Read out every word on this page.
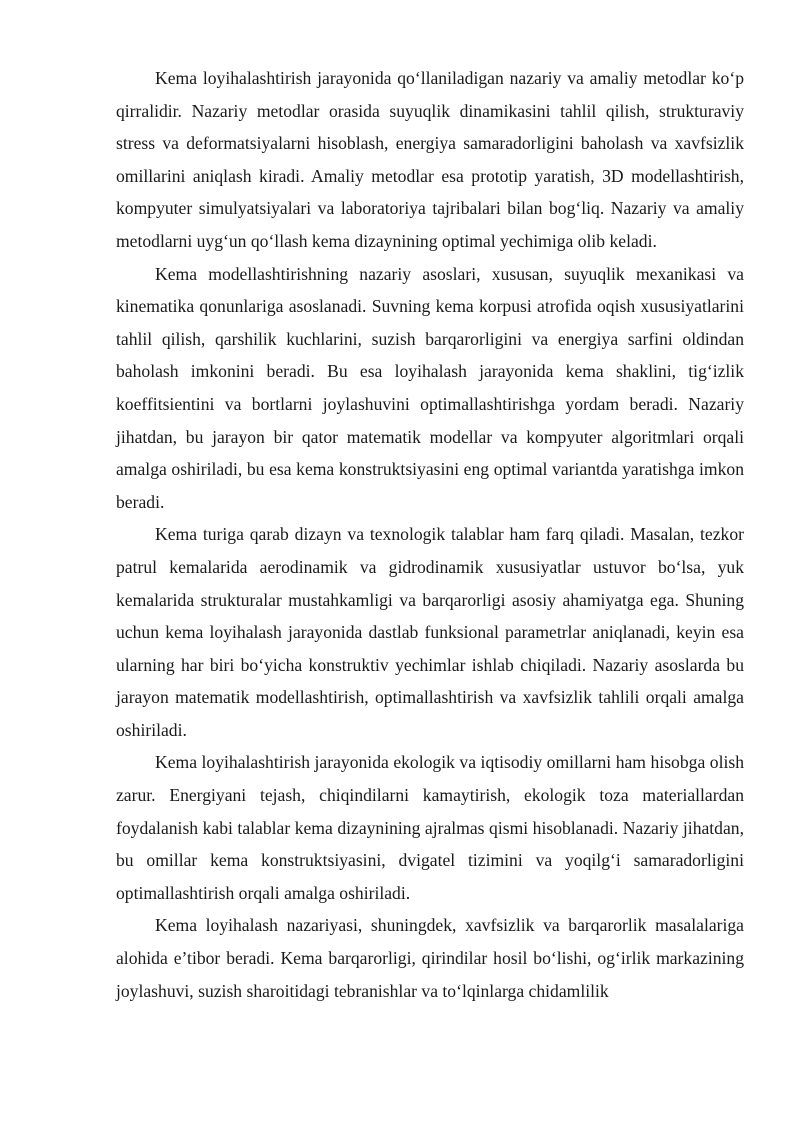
Kema loyihalashtirish jarayonida qo‘llaniladigan nazariy va amaliy metodlar ko‘p qirralidir. Nazariy metodlar orasida suyuqlik dinamikasini tahlil qilish, strukturaviy stress va deformatsiyalarni hisoblash, energiya samaradorligini baholash va xavfsizlik omillarini aniqlash kiradi. Amaliy metodlar esa prototip yaratish, 3D modellashtirish, kompyuter simulyatsiyalari va laboratoriya tajribalari bilan bog‘liq. Nazariy va amaliy metodlarni uyg‘un qo‘llash kema dizaynining optimal yechimiga olib keladi.

Kema modellashtirishning nazariy asoslari, xususan, suyuqlik mexanikasi va kinematika qonunlariga asoslanadi. Suvning kema korpusi atrofida oqish xususiyatlarini tahlil qilish, qarshilik kuchlarini, suzish barqarorligini va energiya sarfini oldindan baholash imkonini beradi. Bu esa loyihalash jarayonida kema shaklini, tig‘izlik koeffitsientini va bortlarni joylashuvini optimallashtirishga yordam beradi. Nazariy jihatdan, bu jarayon bir qator matematik modellar va kompyuter algoritmlari orqali amalga oshiriladi, bu esa kema konstruktsiyasini eng optimal variantda yaratishga imkon beradi.

Kema turiga qarab dizayn va texnologik talablar ham farq qiladi. Masalan, tezkor patrul kemalarida aerodinamik va gidrodinamik xususiyatlar ustuvor bo‘lsa, yuk kemalarida strukturalar mustahkamligi va barqarorligi asosiy ahamiyatga ega. Shuning uchun kema loyihalash jarayonida dastlab funksional parametrlar aniqlanadi, keyin esa ularning har biri bo‘yicha konstruktiv yechimlar ishlab chiqiladi. Nazariy asoslarda bu jarayon matematik modellashtirish, optimallashtirish va xavfsizlik tahlili orqali amalga oshiriladi.

Kema loyihalashtirish jarayonida ekologik va iqtisodiy omillarni ham hisobga olish zarur. Energiyani tejash, chiqindilarni kamaytirish, ekologik toza materiallardan foydalanish kabi talablar kema dizaynining ajralmas qismi hisoblanadi. Nazariy jihatdan, bu omillar kema konstruktsiyasini, dvigatel tizimini va yoqilg‘i samaradorligini optimallashtirish orqali amalga oshiriladi.

Kema loyihalash nazariyasi, shuningdek, xavfsizlik va barqarorlik masalalariga alohida e’tibor beradi. Kema barqarorligi, qirindilar hosil bo‘lishi, og‘irlik markazining joylashuvi, suzish sharoitidagi tebranishlar va to‘lqinlarga chidamlilik
